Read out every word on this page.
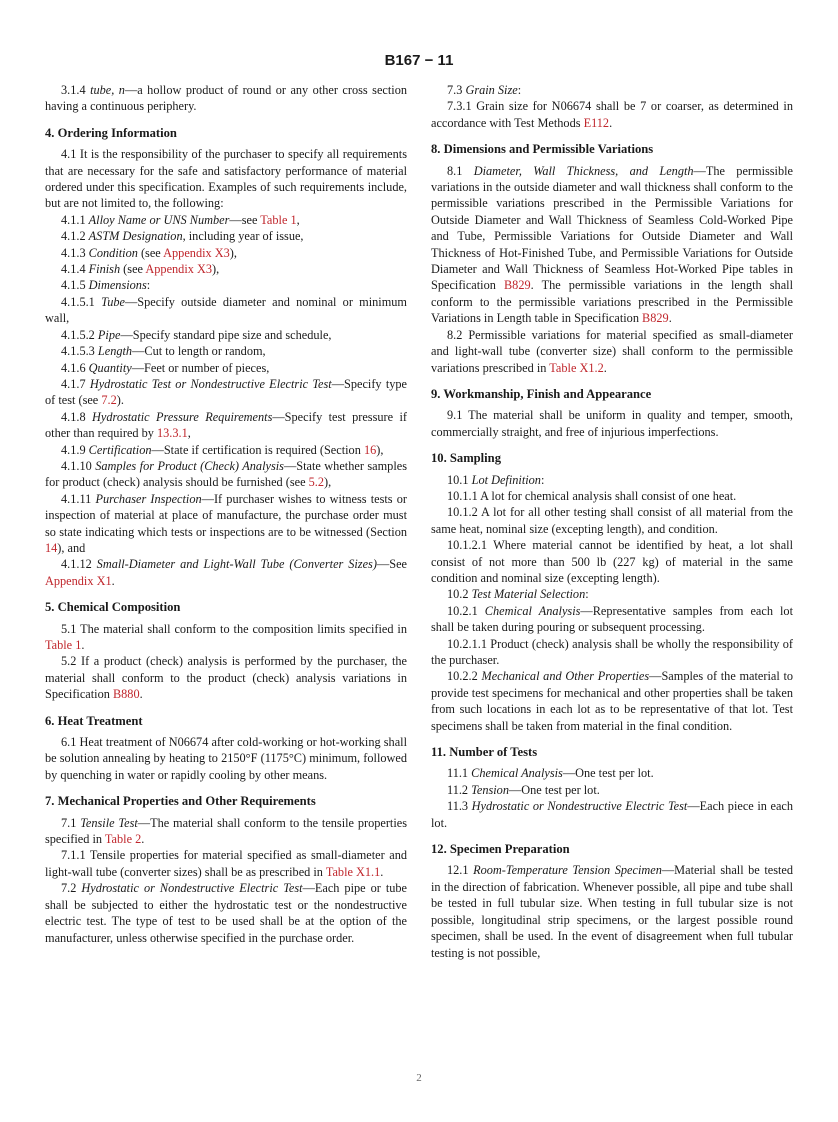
B167 − 11

3.1.4 tube, n—a hollow product of round or any other cross section having a continuous periphery.

4. Ordering Information

4.1 It is the responsibility of the purchaser to specify all requirements that are necessary for the safe and satisfactory performance of material ordered under this specification. Examples of such requirements include, but are not limited to, the following:

4.1.1 Alloy Name or UNS Number—see Table 1,

4.1.2 ASTM Designation, including year of issue,

4.1.3 Condition (see Appendix X3),

4.1.4 Finish (see Appendix X3),

4.1.5 Dimensions:

4.1.5.1 Tube—Specify outside diameter and nominal or minimum wall,

4.1.5.2 Pipe—Specify standard pipe size and schedule,

4.1.5.3 Length—Cut to length or random,

4.1.6 Quantity—Feet or number of pieces,

4.1.7 Hydrostatic Test or Nondestructive Electric Test—Specify type of test (see 7.2).

4.1.8 Hydrostatic Pressure Requirements—Specify test pressure if other than required by 13.3.1,

4.1.9 Certification—State if certification is required (Section 16),

4.1.10 Samples for Product (Check) Analysis—State whether samples for product (check) analysis should be furnished (see 5.2),

4.1.11 Purchaser Inspection—If purchaser wishes to witness tests or inspection of material at place of manufacture, the purchase order must so state indicating which tests or inspections are to be witnessed (Section 14), and

4.1.12 Small-Diameter and Light-Wall Tube (Converter Sizes)—See Appendix X1.

5. Chemical Composition

5.1 The material shall conform to the composition limits specified in Table 1.

5.2 If a product (check) analysis is performed by the purchaser, the material shall conform to the product (check) analysis variations in Specification B880.

6. Heat Treatment

6.1 Heat treatment of N06674 after cold-working or hot-working shall be solution annealing by heating to 2150°F (1175°C) minimum, followed by quenching in water or rapidly cooling by other means.

7. Mechanical Properties and Other Requirements

7.1 Tensile Test—The material shall conform to the tensile properties specified in Table 2.

7.1.1 Tensile properties for material specified as small-diameter and light-wall tube (converter sizes) shall be as prescribed in Table X1.1.

7.2 Hydrostatic or Nondestructive Electric Test—Each pipe or tube shall be subjected to either the hydrostatic test or the nondestructive electric test. The type of test to be used shall be at the option of the manufacturer, unless otherwise specified in the purchase order.

7.3 Grain Size:

7.3.1 Grain size for N06674 shall be 7 or coarser, as determined in accordance with Test Methods E112.

8. Dimensions and Permissible Variations

8.1 Diameter, Wall Thickness, and Length—The permissible variations in the outside diameter and wall thickness shall conform to the permissible variations prescribed in the Permissible Variations for Outside Diameter and Wall Thickness of Seamless Cold-Worked Pipe and Tube, Permissible Variations for Outside Diameter and Wall Thickness of Hot-Finished Tube, and Permissible Variations for Outside Diameter and Wall Thickness of Seamless Hot-Worked Pipe tables in Specification B829. The permissible variations in the length shall conform to the permissible variations prescribed in the Permissible Variations in Length table in Specification B829.

8.2 Permissible variations for material specified as small-diameter and light-wall tube (converter size) shall conform to the permissible variations prescribed in Table X1.2.

9. Workmanship, Finish and Appearance

9.1 The material shall be uniform in quality and temper, smooth, commercially straight, and free of injurious imperfections.

10. Sampling

10.1 Lot Definition:

10.1.1 A lot for chemical analysis shall consist of one heat.

10.1.2 A lot for all other testing shall consist of all material from the same heat, nominal size (excepting length), and condition.

10.1.2.1 Where material cannot be identified by heat, a lot shall consist of not more than 500 lb (227 kg) of material in the same condition and nominal size (excepting length).

10.2 Test Material Selection:

10.2.1 Chemical Analysis—Representative samples from each lot shall be taken during pouring or subsequent processing.

10.2.1.1 Product (check) analysis shall be wholly the responsibility of the purchaser.

10.2.2 Mechanical and Other Properties—Samples of the material to provide test specimens for mechanical and other properties shall be taken from such locations in each lot as to be representative of that lot. Test specimens shall be taken from material in the final condition.

11. Number of Tests

11.1 Chemical Analysis—One test per lot.

11.2 Tension—One test per lot.

11.3 Hydrostatic or Nondestructive Electric Test—Each piece in each lot.

12. Specimen Preparation

12.1 Room-Temperature Tension Specimen—Material shall be tested in the direction of fabrication. Whenever possible, all pipe and tube shall be tested in full tubular size. When testing in full tubular size is not possible, longitudinal strip specimens, or the largest possible round specimen, shall be used. In the event of disagreement when full tubular testing is not possible,

2
